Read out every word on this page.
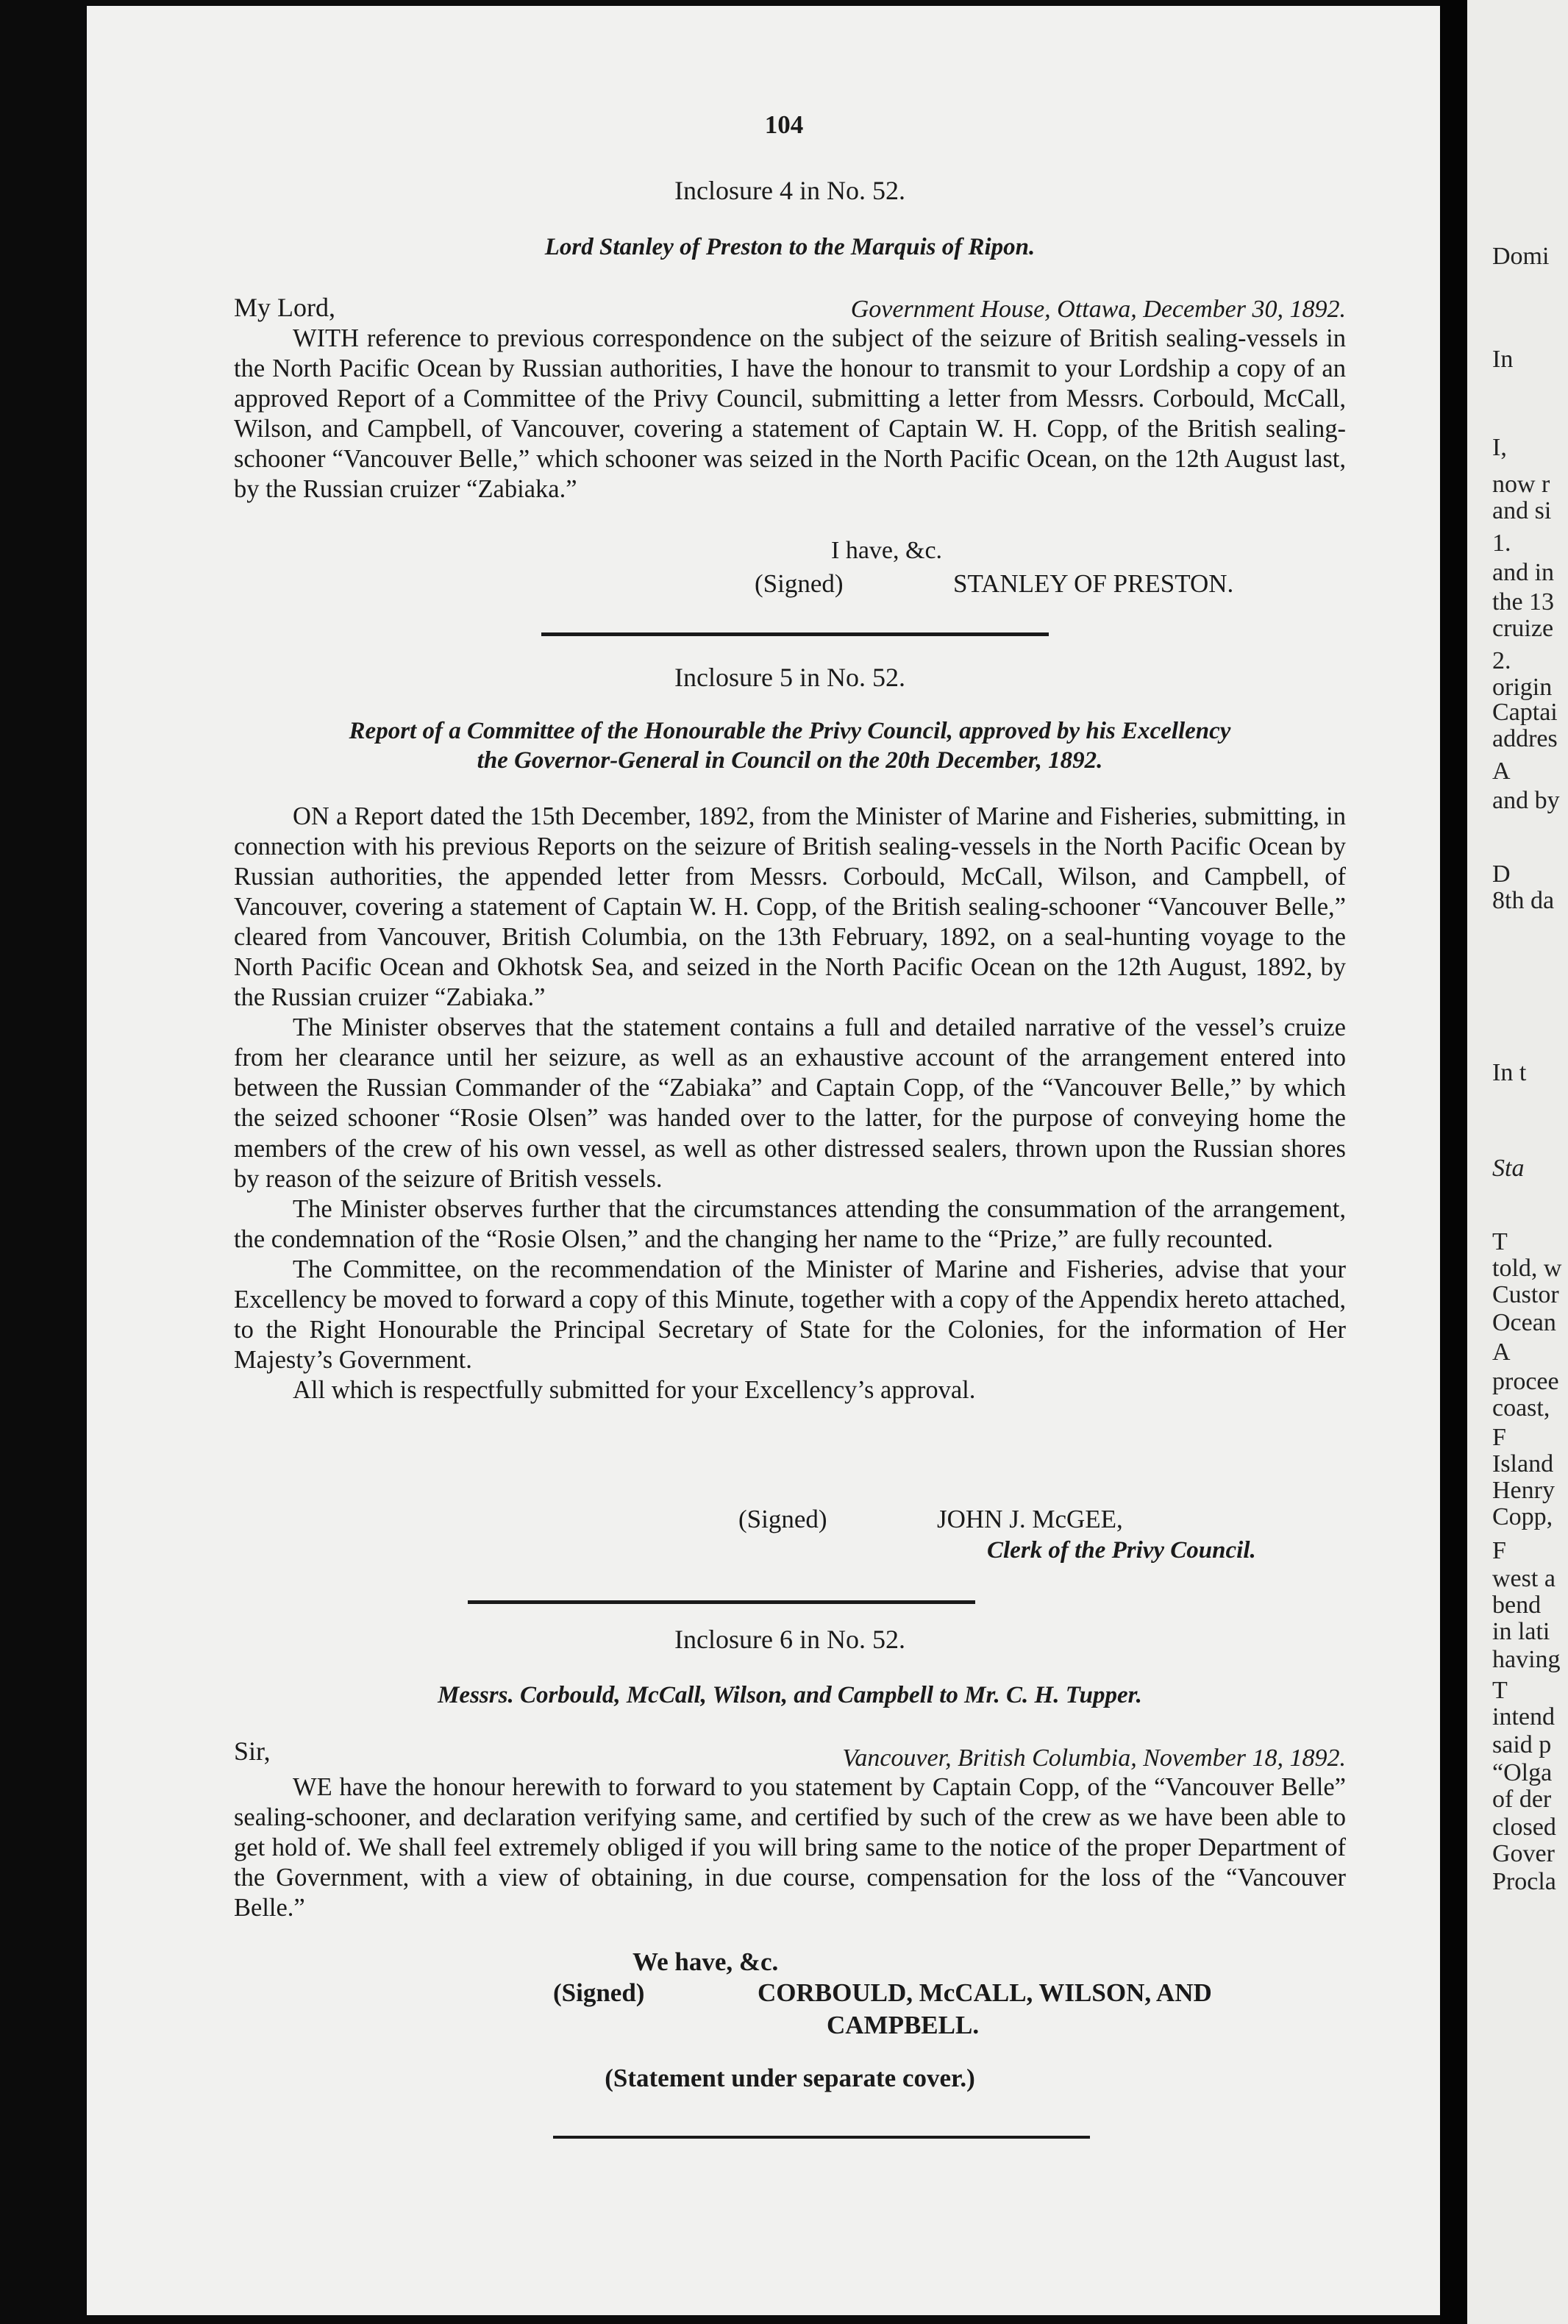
Domi
In
I,
now r
and si
1.
and in
the 13
cruize
2.
origin
Captai
addres
A
and by
D
8th da
In t
Sta
T
told, w
Custor
Ocean
A
procee
coast,
F
Island
Henry
Copp,
F
west a
bend
in lati
having
T
intend
said p
“Olga
of der
closed
Gover
Procla
104
Inclosure 4 in No. 52.
Lord Stanley of Preston to the Marquis of Ripon.
My Lord,	Government House, Ottawa, December 30, 1892.

WITH reference to previous correspondence on the subject of the seizure of British sealing-vessels in the North Pacific Ocean by Russian authorities, I have the honour to transmit to your Lordship a copy of an approved Report of a Committee of the Privy Council, submitting a letter from Messrs. Corbould, McCall, Wilson, and Campbell, of Vancouver, covering a statement of Captain W. H. Copp, of the British sealing-schooner “Vancouver Belle,” which schooner was seized in the North Pacific Ocean, on the 12th August last, by the Russian cruizer “Zabiaka.”

I have, &c.
(Signed)	STANLEY OF PRESTON.
Inclosure 5 in No. 52.
Report of a Committee of the Honourable the Privy Council, approved by his Excellency
the Governor-General in Council on the 20th December, 1892.

ON a Report dated the 15th December, 1892, from the Minister of Marine and Fisheries, submitting, in connection with his previous Reports on the seizure of British sealing-vessels in the North Pacific Ocean by Russian authorities, the appended letter from Messrs. Corbould, McCall, Wilson, and Campbell, of Vancouver, covering a statement of Captain W. H. Copp, of the British sealing-schooner “Vancouver Belle,” cleared from Vancouver, British Columbia, on the 13th February, 1892, on a seal-hunting voyage to the North Pacific Ocean and Okhotsk Sea, and seized in the North Pacific Ocean on the 12th August, 1892, by the Russian cruizer “Zabiaka.”

The Minister observes that the statement contains a full and detailed narrative of the vessel’s cruize from her clearance until her seizure, as well as an exhaustive account of the arrangement entered into between the Russian Commander of the “Zabiaka” and Captain Copp, of the “Vancouver Belle,” by which the seized schooner “Rosie Olsen” was handed over to the latter, for the purpose of conveying home the members of the crew of his own vessel, as well as other distressed sealers, thrown upon the Russian shores by reason of the seizure of British vessels.

The Minister observes further that the circumstances attending the consummation of the arrangement, the condemnation of the “Rosie Olsen,” and the changing her name to the “Prize,” are fully recounted.

The Committee, on the recommendation of the Minister of Marine and Fisheries, advise that your Excellency be moved to forward a copy of this Minute, together with a copy of the Appendix hereto attached, to the Right Honourable the Principal Secretary of State for the Colonies, for the information of Her Majesty’s Government.

All which is respectfully submitted for your Excellency’s approval.

(Signed)	JOHN J. McGEE,
Clerk of the Privy Council.
Inclosure 6 in No. 52.
Messrs. Corbould, McCall, Wilson, and Campbell to Mr. C. H. Tupper.
Sir,	Vancouver, British Columbia, November 18, 1892.

WE have the honour herewith to forward to you statement by Captain Copp, of the “Vancouver Belle” sealing-schooner, and declaration verifying same, and certified by such of the crew as we have been able to get hold of. We shall feel extremely obliged if you will bring same to the notice of the proper Department of the Government, with a view of obtaining, in due course, compensation for the loss of the “Vancouver Belle.”

We have, &c.
(Signed)	CORBOULD, McCALL, WILSON, AND
CAMPBELL.
(Statement under separate cover.)
